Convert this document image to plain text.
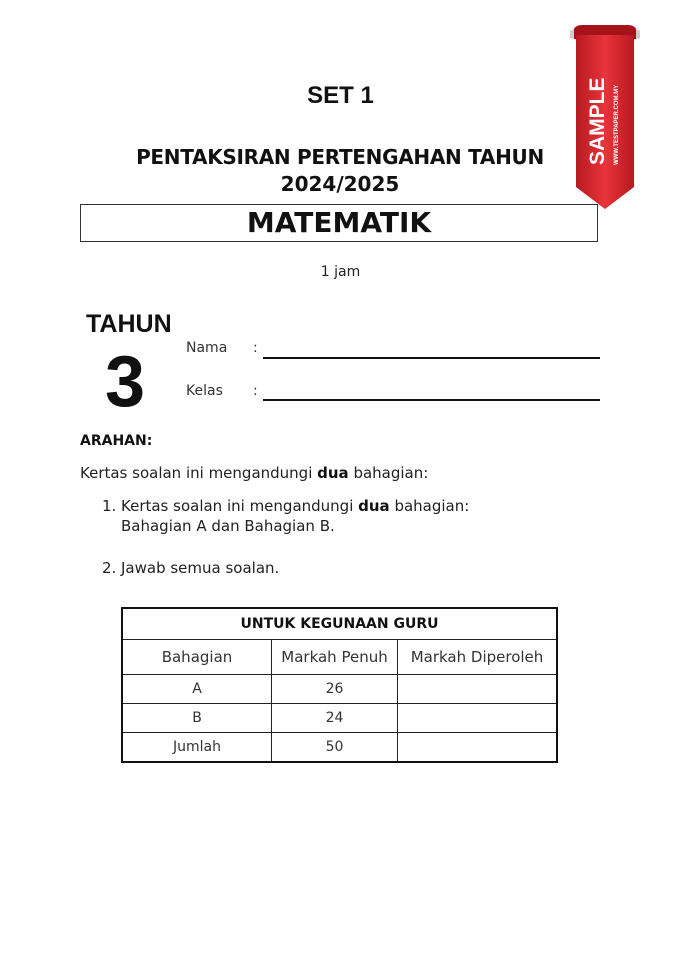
SET 1	SAMPLE WWW.TESTPAPER.COM.MY
PENTAKSIRAN PERTENGAHAN TAHUN
2024/2025
MATEMATIK
1 jam
TAHUN
3	Nama :
Kelas :
ARAHAN:
Kertas soalan ini mengandungi dua bahagian:
1. Kertas soalan ini mengandungi dua bahagian:
Bahagian A dan Bahagian B.
2. Jawab semua soalan.
UNTUK KEGUNAAN GURU		
Bahagian	Markah Penuh	Markah Diperoleh
A	26	
B	24	
Jumlah	50	
